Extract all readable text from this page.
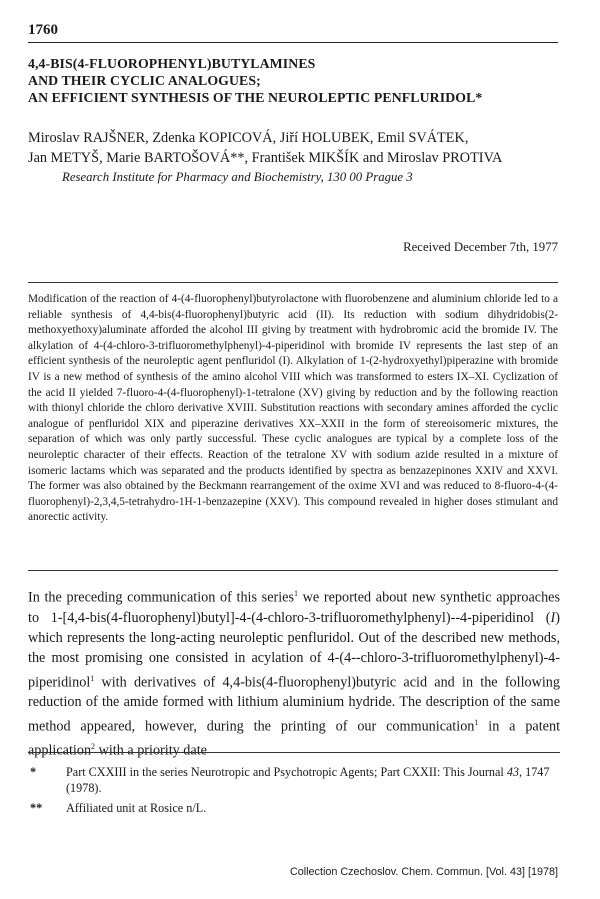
1760
4,4-BIS(4-FLUOROPHENYL)BUTYLAMINES
AND THEIR CYCLIC ANALOGUES;
AN EFFICIENT SYNTHESIS OF THE NEUROLEPTIC PENFLURIDOL*
Miroslav RAJŠNER, Zdenka KOPICOVÁ, Jiří HOLUBEK, Emil SVÁTEK,
Jan METYŠ, Marie BARTOŠOVÁ**, František MIKŠÍK and Miroslav PROTIVA
Research Institute for Pharmacy and Biochemistry, 130 00 Prague 3
Received December 7th, 1977
Modification of the reaction of 4-(4-fluorophenyl)butyrolactone with fluorobenzene and aluminium chloride led to a reliable synthesis of 4,4-bis(4-fluorophenyl)butyric acid (II). Its reduction with sodium dihydridobis(2-methoxyethoxy)aluminate afforded the alcohol III giving by treatment with hydrobromic acid the bromide IV. The alkylation of 4-(4-chloro-3-trifluoromethylphenyl)-4-piperidinol with bromide IV represents the last step of an efficient synthesis of the neuroleptic agent penfluridol (I). Alkylation of 1-(2-hydroxyethyl)piperazine with bromide IV is a new method of synthesis of the amino alcohol VIII which was transformed to esters IX–XI. Cyclization of the acid II yielded 7-fluoro-4-(4-fluorophenyl)-1-tetralone (XV) giving by reduction and by the following reaction with thionyl chloride the chloro derivative XVIII. Substitution reactions with secondary amines afforded the cyclic analogue of penfluridol XIX and piperazine derivatives XX–XXII in the form of stereoisomeric mixtures, the separation of which was only partly successful. These cyclic analogues are typical by a complete loss of the neuroleptic character of their effects. Reaction of the tetralone XV with sodium azide resulted in a mixture of isomeric lactams which was separated and the products identified by spectra as benzazepinones XXIV and XXVI. The former was also obtained by the Beckmann rearrangement of the oxime XVI and was reduced to 8-fluoro-4-(4-fluorophenyl)-2,3,4,5-tetrahydro-1H-1-benzazepine (XXV). This compound revealed in higher doses stimulant and anorectic activity.
In the preceding communication of this series$^1$ we reported about new synthetic approaches to 1-[4,4-bis(4-fluorophenyl)butyl]-4-(4-chloro-3-trifluoromethylphenyl)--4-piperidinol (I) which represents the long-acting neuroleptic penfluridol. Out of the described new methods, the most promising one consisted in acylation of 4-(4--chloro-3-trifluoromethylphenyl)-4-piperidinol$^1$ with derivatives of 4,4-bis(4-fluorophenyl)butyric acid and in the following reduction of the amide formed with lithium aluminium hydride. The description of the same method appeared, however, during the printing of our communication$^1$ in a patent application$^2$ with a priority date
* Part CXXIII in the series Neurotropic and Psychotropic Agents; Part CXXII: This Journal 43, 1747 (1978).
** Affiliated unit at Rosice n/L.
Collection Czechoslov. Chem. Commun. [Vol. 43] [1978]
